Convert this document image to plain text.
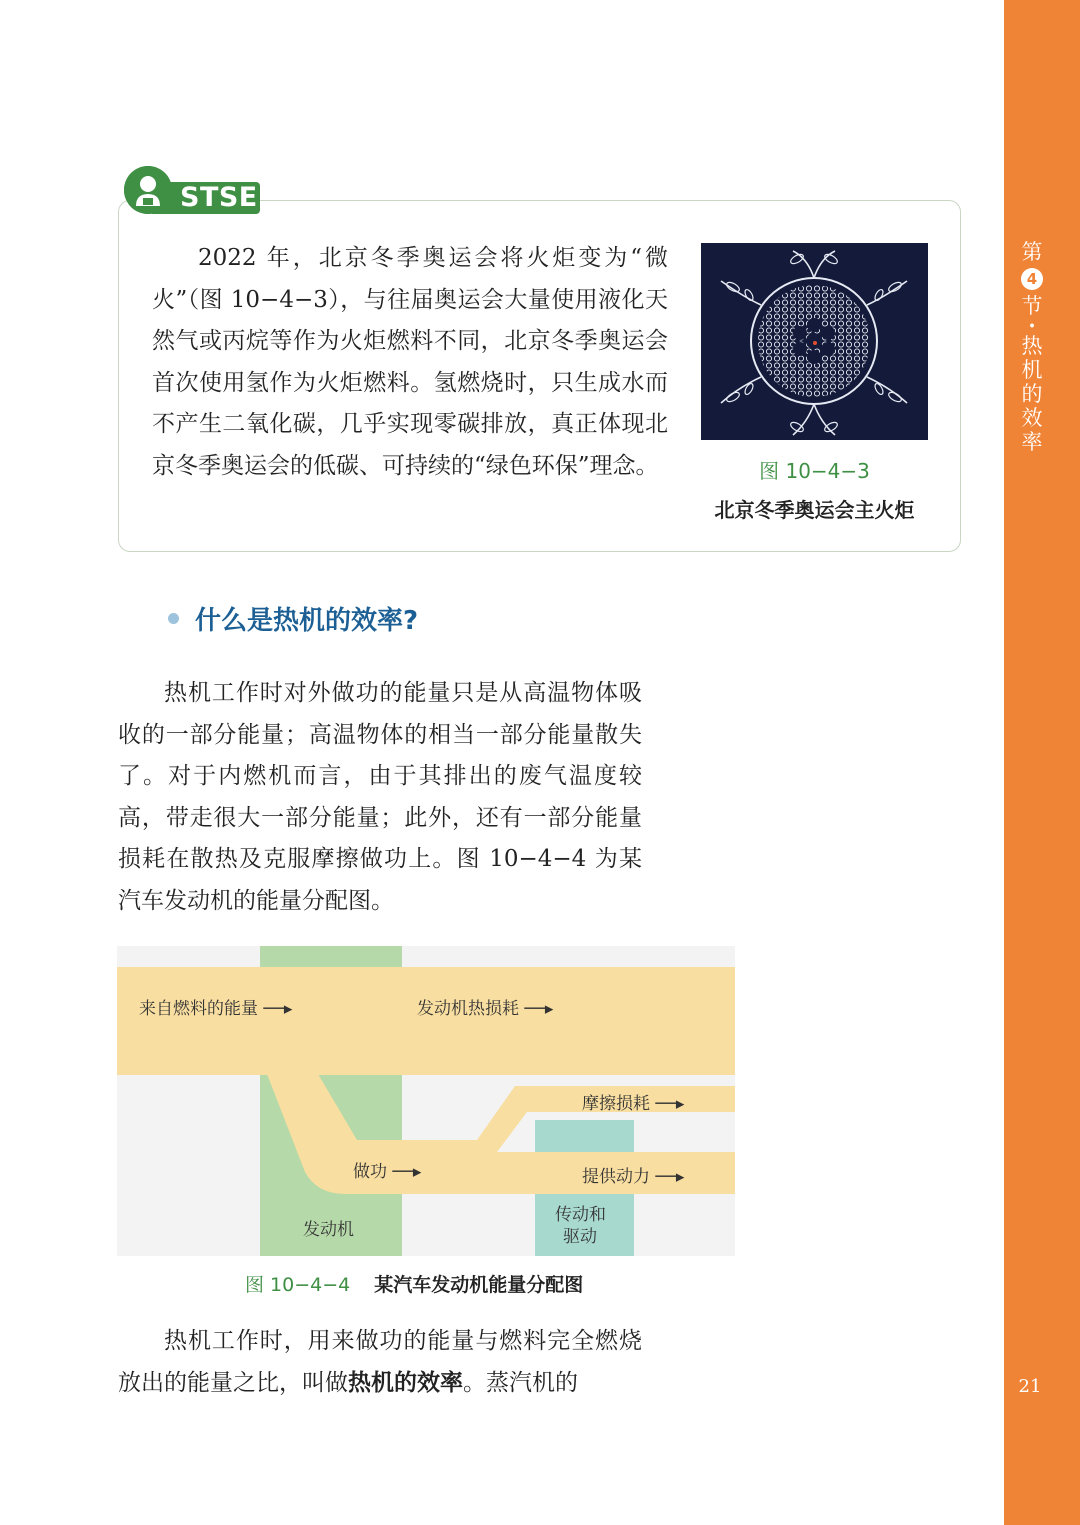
第
4
节
·
热
机
的
效
率
21
STSE

2022 年，北京冬季奥运会将火炬变为“微火”（图 10−4−3），与往届奥运会大量使用液化天然气或丙烷等作为火炬燃料不同，北京冬季奥运会首次使用氢作为火炬燃料。氢燃烧时，只生成水而不产生二氧化碳，几乎实现零碳排放，真正体现北京冬季奥运会的低碳、可持续的“绿色环保”理念。	图 10−4−3
北京冬季奥运会主火炬
什么是热机的效率?

热机工作时对外做功的能量只是从高温物体吸收的一部分能量；高温物体的相当一部分能量散失了。对于内燃机而言，由于其排出的废气温度较高，带走很大一部分能量；此外，还有一部分能量损耗在散热及克服摩擦做功上。图 10−4−4 为某汽车发动机的能量分配图。

来自燃料的能量 ──▸	发动机热损耗 ──▸
摩擦损耗 ──▸
做功 ──▸	提供动力 ──▸
发动机
传动和
驱动
图 10−4−4 某汽车发动机能量分配图

热机工作时，用来做功的能量与燃料完全燃烧放出的能量之比，叫做热机的效率。蒸汽机的
